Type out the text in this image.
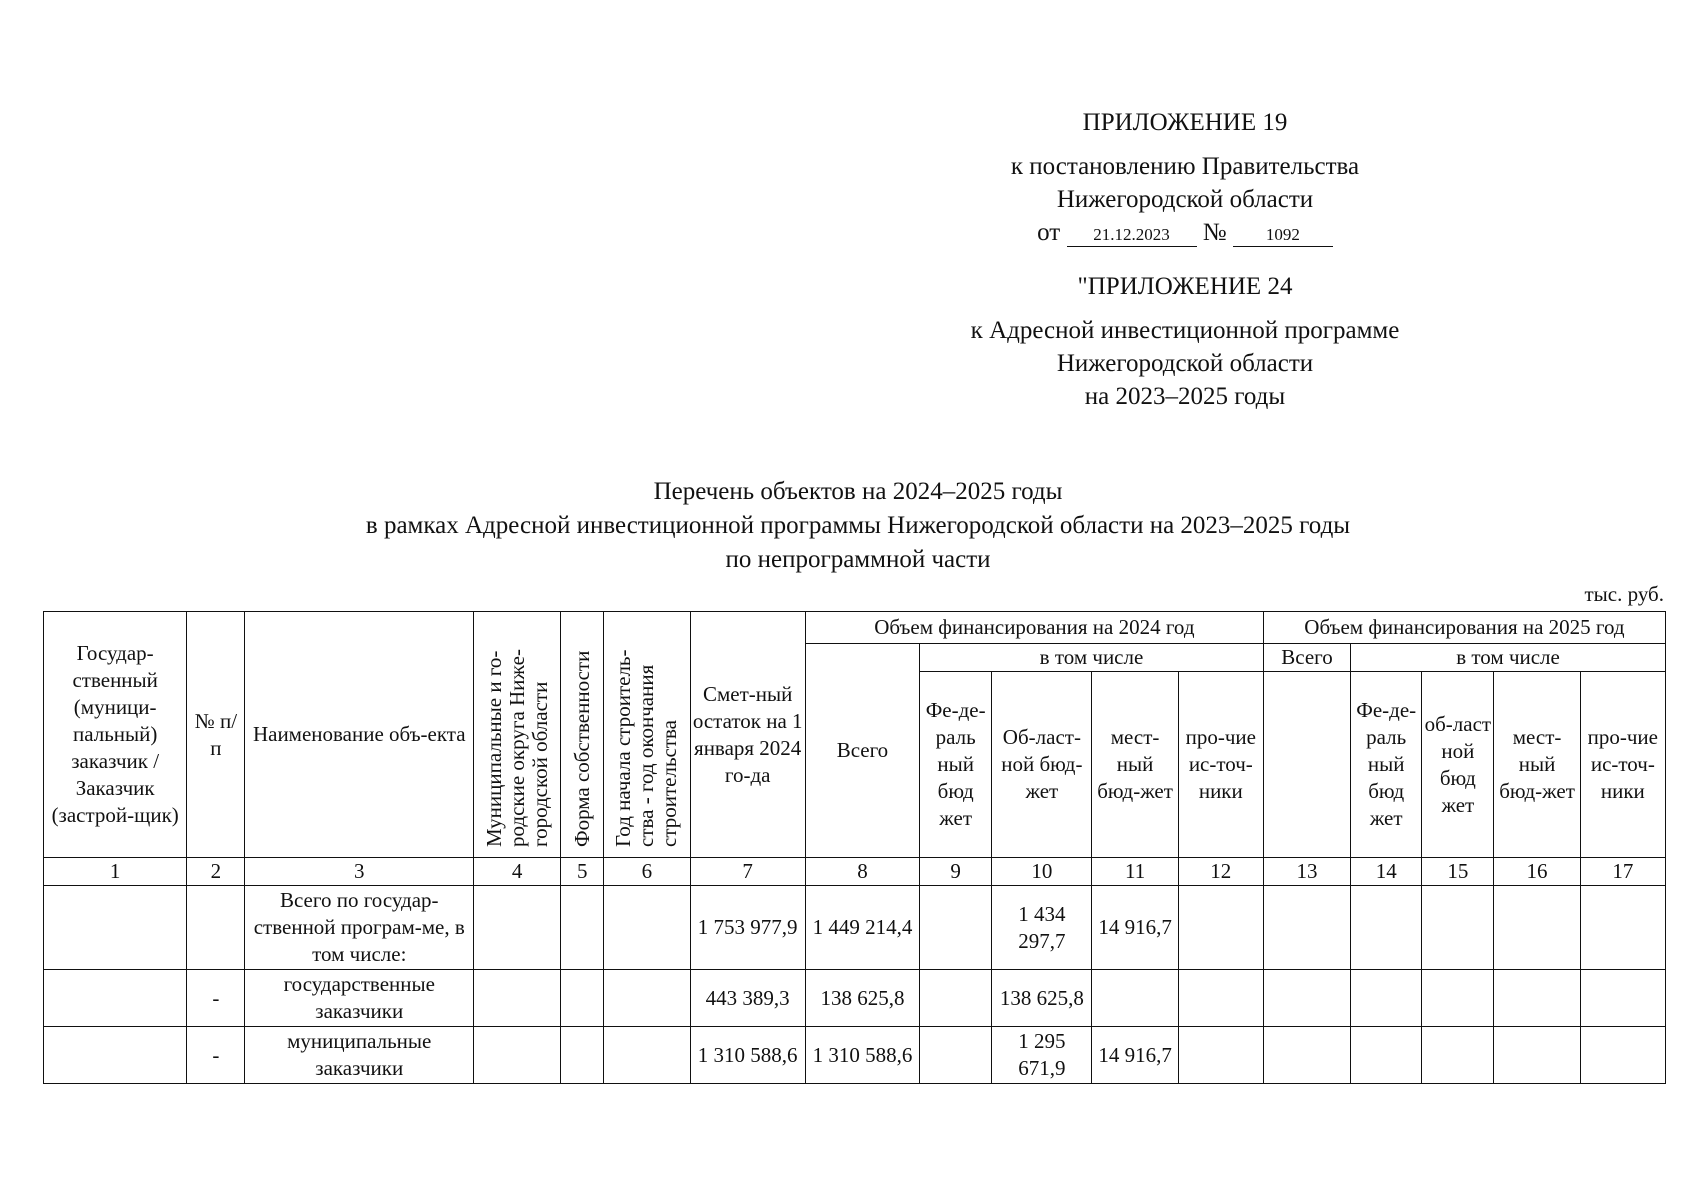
ПРИЛОЖЕНИЕ 19
к постановлению Правительства
Нижегородской области
от 21.12.2023 № 1092
"ПРИЛОЖЕНИЕ 24
к Адресной инвестиционной программе
Нижегородской области
на 2023–2025 годы
Перечень объектов на 2024–2025 годы
в рамках Адресной инвестиционной программы Нижегородской области на 2023–2025 годы
по непрограммной части
тыс. руб.
Государ-ственный (муници-пальный) заказчик / Заказчик (застрой-щик)	№ п/п	Наименование объ-екта	Муниципальные и го-родские округа Ниже-городской области	Форма собственности	Год начала строитель-ства - год окончания строительства	Смет-ный остаток на 1 января 2024 го-да	Объем финансирования на 2024 год					Объем финансирования на 2025 год				
							Всего	в том числе				Всего	в том числе			
								Фе-де-раль ный бюд жет	Об-ласт-ной бюд-жет	мест-ный бюд-жет	про-чие ис-точ-ники		Фе-де-раль ный бюд жет	об-ласт ной бюд жет	мест-ный бюд-жет	про-чие ис-точ-ники
1	2	3	4	5	6	7	8	9	10	11	12	13	14	15	16	17
		Всего по государ-ственной програм-ме, в том числе:				1 753 977,9	1 449 214,4		1 434 297,7	14 916,7						
	-	государственные заказчики				443 389,3	138 625,8		138 625,8							
	-	муниципальные заказчики				1 310 588,6	1 310 588,6		1 295 671,9	14 916,7						
